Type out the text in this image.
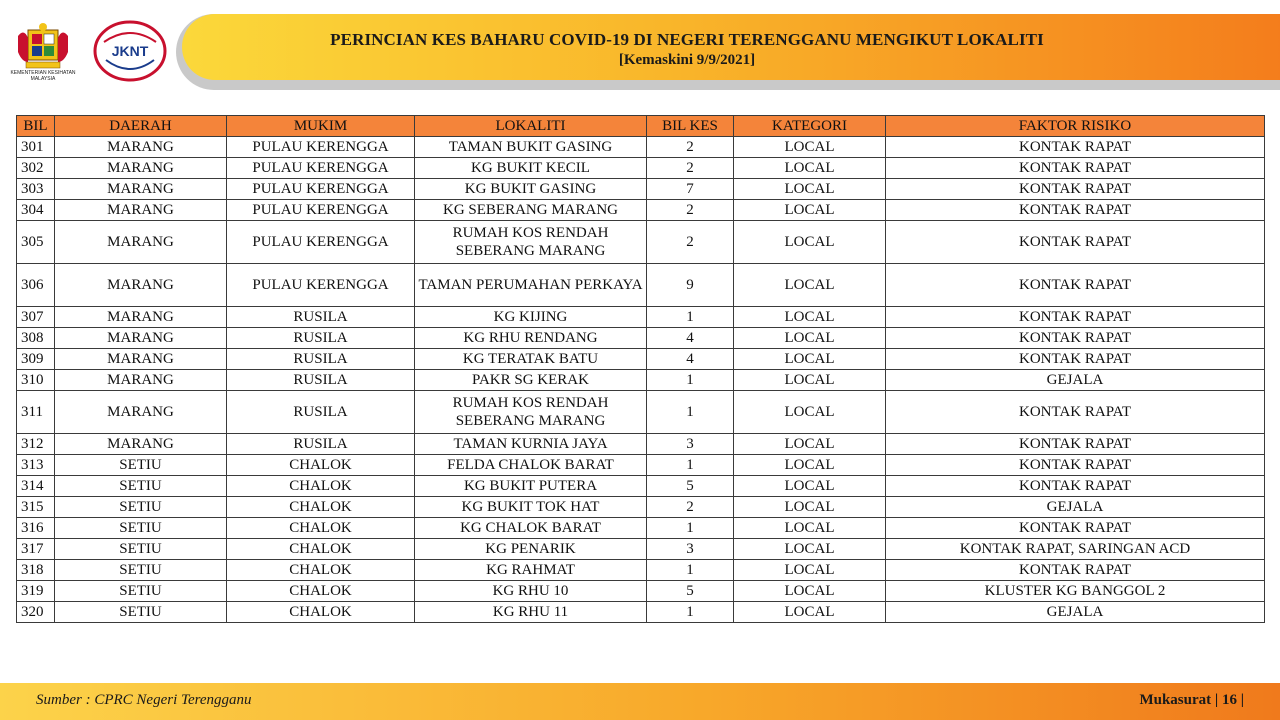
KEMENTERIAN KESIHATAN MALAYSIA
JKNT
PERINCIAN KES BAHARU COVID-19 DI NEGERI TERENGGANU MENGIKUT LOKALITI
[Kemaskini 9/9/2021]
BIL	DAERAH	MUKIM	LOKALITI	BIL KES	KATEGORI	FAKTOR RISIKO
301	MARANG	PULAU KERENGGA	TAMAN BUKIT GASING	2	LOCAL	KONTAK RAPAT
302	MARANG	PULAU KERENGGA	KG BUKIT KECIL	2	LOCAL	KONTAK RAPAT
303	MARANG	PULAU KERENGGA	KG BUKIT GASING	7	LOCAL	KONTAK RAPAT
304	MARANG	PULAU KERENGGA	KG SEBERANG MARANG	2	LOCAL	KONTAK RAPAT
305	MARANG	PULAU KERENGGA	RUMAH KOS RENDAH SEBERANG MARANG	2	LOCAL	KONTAK RAPAT
306	MARANG	PULAU KERENGGA	TAMAN PERUMAHAN PERKAYA	9	LOCAL	KONTAK RAPAT
307	MARANG	RUSILA	KG KIJING	1	LOCAL	KONTAK RAPAT
308	MARANG	RUSILA	KG RHU RENDANG	4	LOCAL	KONTAK RAPAT
309	MARANG	RUSILA	KG TERATAK BATU	4	LOCAL	KONTAK RAPAT
310	MARANG	RUSILA	PAKR SG KERAK	1	LOCAL	GEJALA
311	MARANG	RUSILA	RUMAH KOS RENDAH SEBERANG MARANG	1	LOCAL	KONTAK RAPAT
312	MARANG	RUSILA	TAMAN KURNIA JAYA	3	LOCAL	KONTAK RAPAT
313	SETIU	CHALOK	FELDA CHALOK BARAT	1	LOCAL	KONTAK RAPAT
314	SETIU	CHALOK	KG BUKIT PUTERA	5	LOCAL	KONTAK RAPAT
315	SETIU	CHALOK	KG BUKIT TOK HAT	2	LOCAL	GEJALA
316	SETIU	CHALOK	KG CHALOK BARAT	1	LOCAL	KONTAK RAPAT
317	SETIU	CHALOK	KG PENARIK	3	LOCAL	KONTAK RAPAT, SARINGAN ACD
318	SETIU	CHALOK	KG RAHMAT	1	LOCAL	KONTAK RAPAT
319	SETIU	CHALOK	KG RHU 10	5	LOCAL	KLUSTER KG BANGGOL 2
320	SETIU	CHALOK	KG RHU 11	1	LOCAL	GEJALA
Sumber : CPRC Negeri Terengganu	Mukasurat | 16 |
